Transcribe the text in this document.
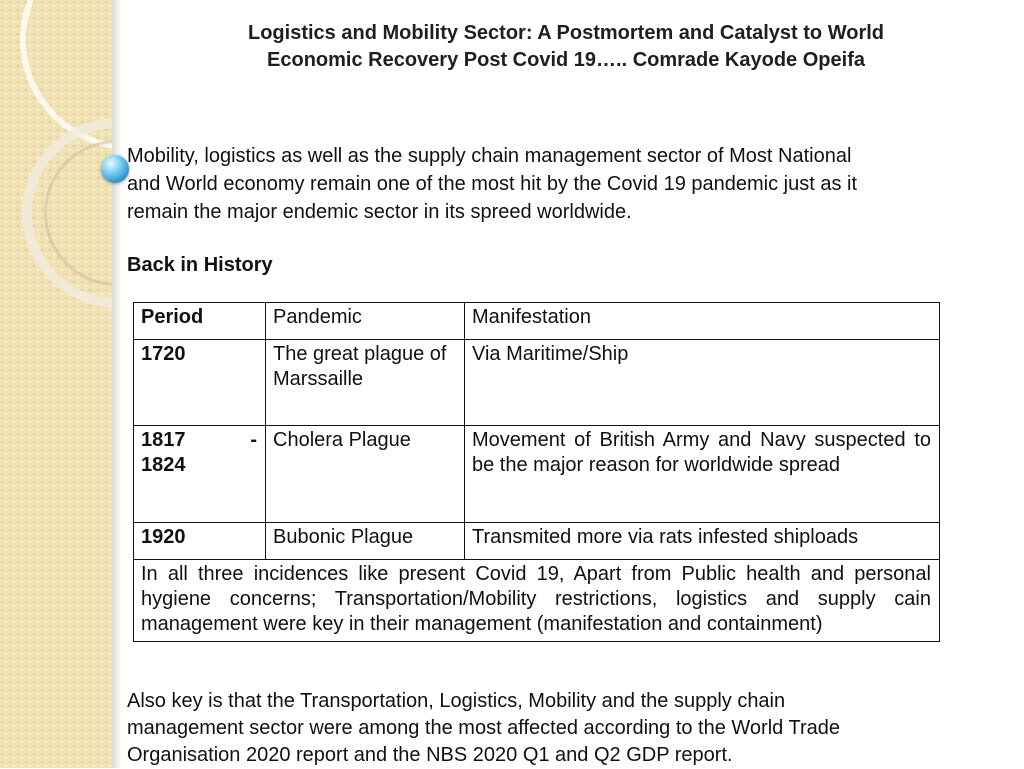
Logistics and Mobility Sector: A Postmortem and Catalyst to World
Economic Recovery Post Covid 19….. Comrade Kayode Opeifa
Mobility, logistics as well as the supply chain management sector of Most National
and World economy remain one of the most hit by the Covid 19 pandemic just as it
remain the major endemic sector in its spreed worldwide.
Back in History
Period	Pandemic	Manifestation
1720	The great plague of Marssaille	Via Maritime/Ship

1817 -
1824	Cholera Plague	Movement of British Army and Navy suspected to be the major reason for worldwide spread
1920	Bubonic Plague	Transmited more via rats infested shiploads
In all three incidences like present Covid 19, Apart from Public health and personal hygiene concerns; Transportation/Mobility restrictions, logistics and supply cain management were key in their management (manifestation and containment)		
Also key is that the Transportation, Logistics, Mobility and the supply chain
management sector were among the most affected according to the World Trade
Organisation 2020 report and the NBS 2020 Q1 and Q2 GDP report.
